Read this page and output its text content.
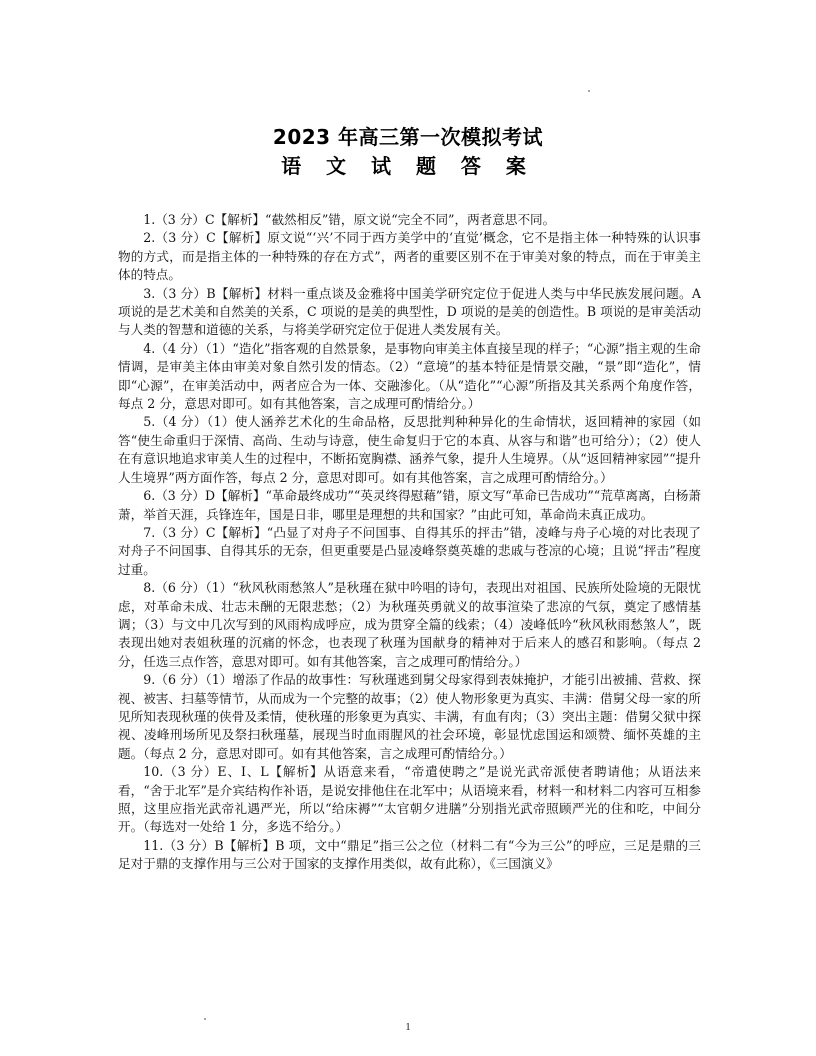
2023 年高三第一次模拟考试
语 文 试 题 答 案

1.（3 分）C【解析】“截然相反”错，原文说“完全不同”，两者意思不同。

2.（3 分）C【解析】原文说“‘兴’不同于西方美学中的‘直觉’概念，它不是指主体一种特殊的认识事物的方式，而是指主体的一种特殊的存在方式”，两者的重要区别不在于审美对象的特点，而在于审美主体的特点。

3.（3 分）B【解析】材料一重点谈及金雅将中国美学研究定位于促进人类与中华民族发展问题。A 项说的是艺术美和自然美的关系，C 项说的是美的典型性，D 项说的是美的创造性。B 项说的是审美活动与人类的智慧和道德的关系，与将美学研究定位于促进人类发展有关。

4.（4 分）（1）“造化”指客观的自然景象，是事物向审美主体直接呈现的样子；“心源”指主观的生命情调，是审美主体由审美对象自然引发的情态。（2）“意境”的基本特征是情景交融，“景”即“造化”，情即“心源”，在审美活动中，两者应合为一体、交融渗化。（从“造化”“心源”所指及其关系两个角度作答，每点 2 分，意思对即可。如有其他答案，言之成理可酌情给分。）

5.（4 分）（1）使人涵养艺术化的生命品格，反思批判种种异化的生命情状，返回精神的家园（如答“使生命重归于深情、高尚、生动与诗意，使生命复归于它的本真、从容与和谐”也可给分）；（2）使人在有意识地追求审美人生的过程中，不断拓宽胸襟、涵养气象，提升人生境界。（从“返回精神家园”“提升人生境界”两方面作答，每点 2 分，意思对即可。如有其他答案，言之成理可酌情给分。）

6.（3 分）D【解析】“革命最终成功”“英灵终得慰藉”错，原文写“革命已告成功”“荒草离离，白杨萧萧，举首天涯，兵锋连年，国是日非，哪里是理想的共和国家？”由此可知，革命尚未真正成功。

7.（3 分）C【解析】“凸显了对舟子不问国事、自得其乐的抨击”错，凌峰与舟子心境的对比表现了对舟子不问国事、自得其乐的无奈，但更重要是凸显凌峰祭奠英雄的悲戚与苍凉的心境；且说“抨击”程度过重。

8.（6 分）（1）“秋风秋雨愁煞人”是秋瑾在狱中吟唱的诗句，表现出对祖国、民族所处险境的无限忧虑，对革命未成、壮志未酬的无限悲愁；（2）为秋瑾英勇就义的故事渲染了悲凉的气氛，奠定了感情基调；（3）与文中几次写到的风雨构成呼应，成为贯穿全篇的线索；（4）凌峰低吟“秋风秋雨愁煞人”，既表现出她对表姐秋瑾的沉痛的怀念，也表现了秋瑾为国献身的精神对于后来人的感召和影响。（每点 2 分，任选三点作答，意思对即可。如有其他答案，言之成理可酌情给分。）

9.（6 分）（1）增添了作品的故事性：写秋瑾逃到舅父母家得到表妹掩护，才能引出被捕、营救、探视、被害、扫墓等情节，从而成为一个完整的故事；（2）使人物形象更为真实、丰满：借舅父母一家的所见所知表现秋瑾的侠骨及柔情，使秋瑾的形象更为真实、丰满，有血有肉；（3）突出主题：借舅父狱中探视、凌峰刑场所见及祭扫秋瑾墓，展现当时血雨腥风的社会环境，彰显忧虑国运和颂赞、缅怀英雄的主题。（每点 2 分，意思对即可。如有其他答案，言之成理可酌情给分。）

10.（3 分）E、I、L【解析】从语意来看，“帝遣使聘之”是说光武帝派使者聘请他；从语法来看，“舍于北军”是介宾结构作补语，是说安排他住在北军中；从语境来看，材料一和材料二内容可互相参照，这里应指光武帝礼遇严光，所以“给床褥”“太官朝夕进膳”分别指光武帝照顾严光的住和吃，中间分开。（每选对一处给 1 分，多选不给分。）

11.（3 分）B【解析】B 项，文中“鼎足”指三公之位（材料二有“今为三公”的呼应，三足是鼎的三足对于鼎的支撑作用与三公对于国家的支撑作用类似，故有此称），《三国演义》

1
